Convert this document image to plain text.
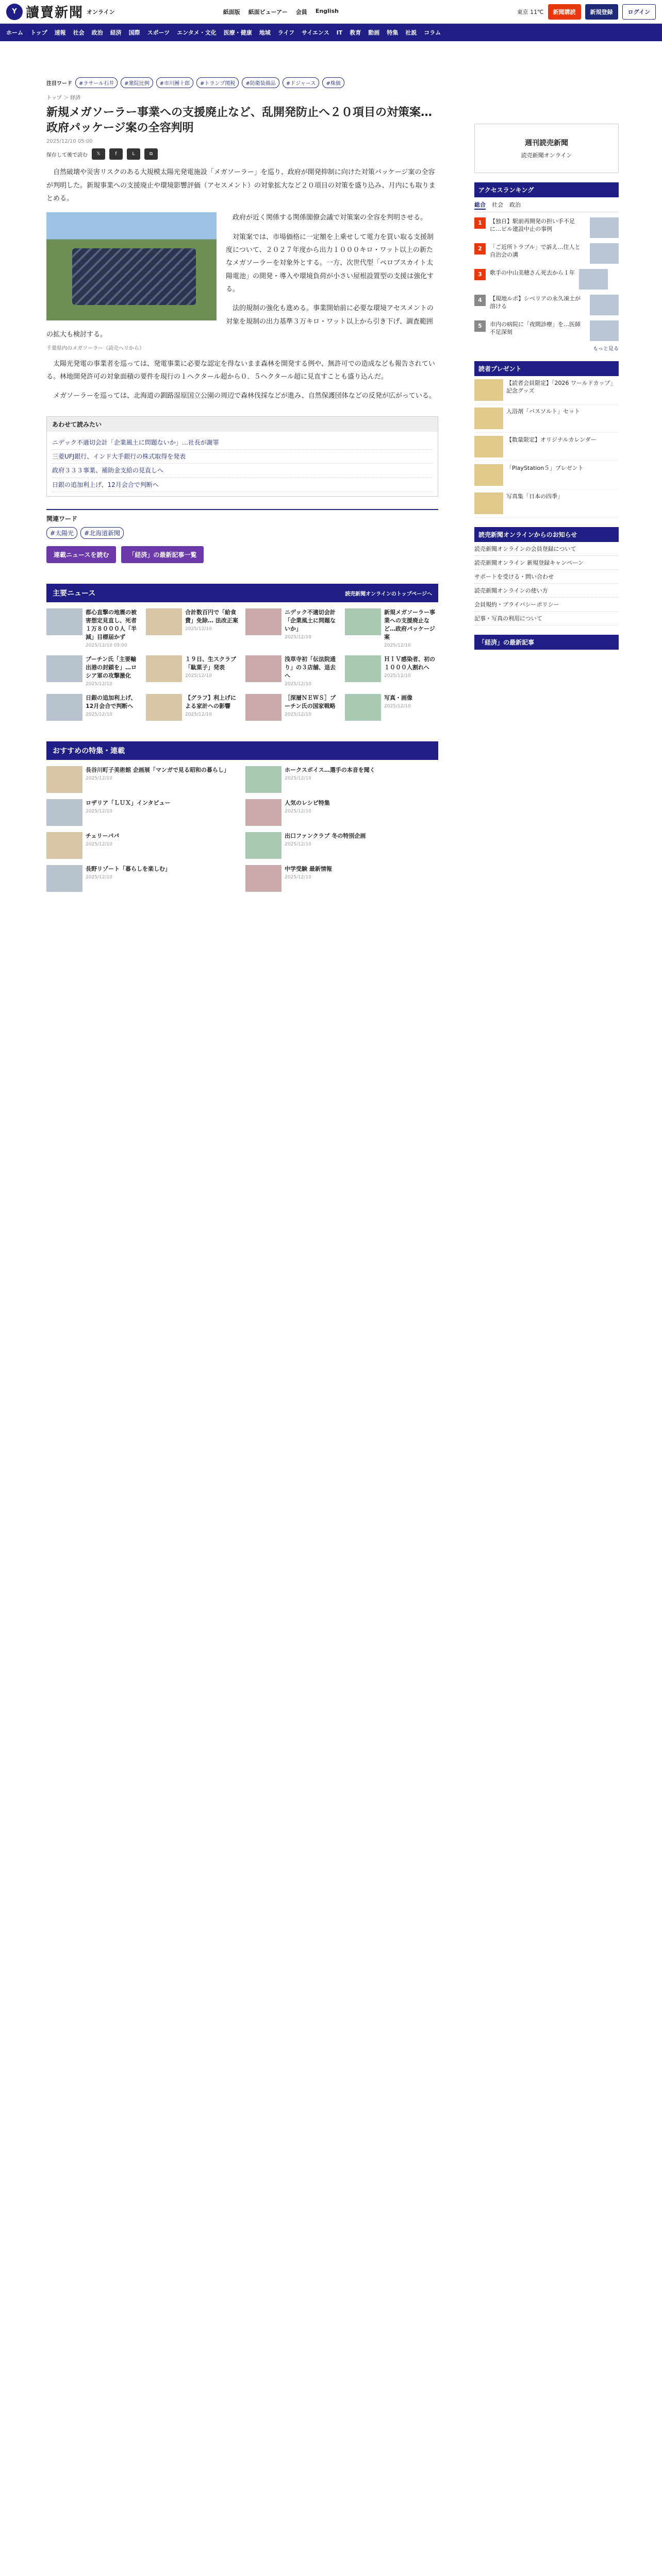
Y 讀賣新聞 オンライン	紙面版 紙面ビューアー 会員 English	東京 11℃	新聞購読	新規登録	ログイン
ホーム トップ 速報 社会 政治 経済 国際 スポーツ エンタメ・文化 医療・健康 地域 ライフ サイエンス IT 教育 動画 特集 社説 コラム
注目ワード	#ラサール石井	#衆院比例	#市川團十郎	#トランプ関税	#防衛装備品	#ドジャース	#株価
トップ ＞ 経済
新規メガソーラー事業への支援廃止など、乱開発防止へ２０項目の対策案…政府パッケージ案の全容判明
2025/12/10 05:00
保存して後で読む	𝕏	f	L	⧉

自然破壊や災害リスクのある大規模太陽光発電施設「メガソーラー」を巡り、政府が開発抑制に向けた対策パッケージ案の全容が判明した。新規事業への支援廃止や環境影響評価（アセスメント）の対象拡大など２０項目の対策を盛り込み、月内にも取りまとめる。

政府が近く関係する関係閣僚会議で対策案の全容を判明させる。

対策案では、市場価格に一定額を上乗せして電力を買い取る支援制度について、２０２７年度から出力１０００キロ・ワット以上の新たなメガソーラーを対象外とする。一方、次世代型「ペロブスカイト太陽電池」の開発・導入や環境負荷が小さい屋根設置型の支援は強化する。

法的規制の強化も進める。事業開始前に必要な環境アセスメントの対象を規制の出力基準３万キロ・ワット以上から引き下げ、調査範囲の拡大も検討する。

千葉県内のメガソーラー（読売ヘリから）

太陽光発電の事業者を巡っては、発電事業に必要な認定を得ないまま森林を開発する例や、無許可での造成なども報告されている。林地開発許可の対象面積の要件を現行の１ヘクタール超から０．５ヘクタール超に見直すことも盛り込んだ。

メガソーラーを巡っては、北海道の釧路湿原国立公園の周辺で森林伐採などが進み、自然保護団体などの反発が広がっている。

あわせて読みたい
ニデック不適切会計「企業風土に問題ないか」…社長が謝罪
三菱UFJ銀行、インド大手銀行の株式取得を発表
政府３３３事業、補助金支給の見直しへ
日銀の追加利上げ、12月会合で判断へ
関連ワード
#太陽光	#北海道新聞
連載ニュースを読む	「経済」の最新記事一覧
主要ニュース	読売新聞オンラインのトップページへ
都心直撃の地震の被害想定見直し、死者１万８０００人「半減」目標届かず
2025/12/10 05:00
合計数百円で「給食費」免除… 法改正案
2025/12/10
ニデック不適切会計「企業風土に問題ないか」
2025/12/10
新規メガソーラー事業への支援廃止など…政府パッケージ案
2025/12/10
プーチン氏「主要輸出港の封鎖を」…ロシア軍の攻撃激化
2025/12/10
１９日、生スクラブ「駄菓子」発表
2025/12/10
浅草寺初「伝法院通り」の３店舗、退去へ
2025/12/10
ＨＩＶ感染者、初の１０００人割れへ
2025/12/10
日銀の追加利上げ、12月会合で判断へ
2025/12/10
【グラフ】利上げによる家計への影響
2025/12/10
［深層ＮＥＷＳ］プーチン氏の国家戦略
2025/12/10
写真・画像
2025/12/10
おすすめの特集・連載
長谷川町子美術館 企画展「マンガで見る昭和の暮らし」
2025/12/10
ホークスボイス…選手の本音を聞く
2025/12/10
ロザリア「ＬＵＸ」インタビュー
2025/12/10
人気のレシピ特集
2025/12/10
チェリーパパ
2025/12/10
出口ファンクラブ 冬の特別企画
2025/12/10
長野リゾート「暮らしを楽しむ」
2025/12/10
中学受験 最新情報
2025/12/10
週刊読売新聞
読売新聞オンライン
アクセスランキング
総合 社会 政治
1	【独自】駅前再開発の担い手不足に…ビル建設中止の事例
2	「ご近所トラブル」で訴え…住人と自治会の溝
3	歌手の中山美穂さん死去から１年
4	【現地ルポ】シベリアの永久凍土が溶ける
5	市内の病院に「夜間診療」を…医師不足深刻
もっと見る
読者プレゼント
【読者会員限定】「2026 ワールドカップ」記念グッズ
入浴剤「バスソルト」セット
【数量限定】オリジナルカレンダー
「PlayStation５」プレゼント
写真集「日本の四季」
読売新聞オンラインからのお知らせ
読売新聞オンラインの会員登録について
読売新聞オンライン 新規登録キャンペーン
サポートを受ける・問い合わせ
読売新聞オンラインの使い方
会員規約・プライバシーポリシー
記事・写真の利用について
「経済」の最新記事
